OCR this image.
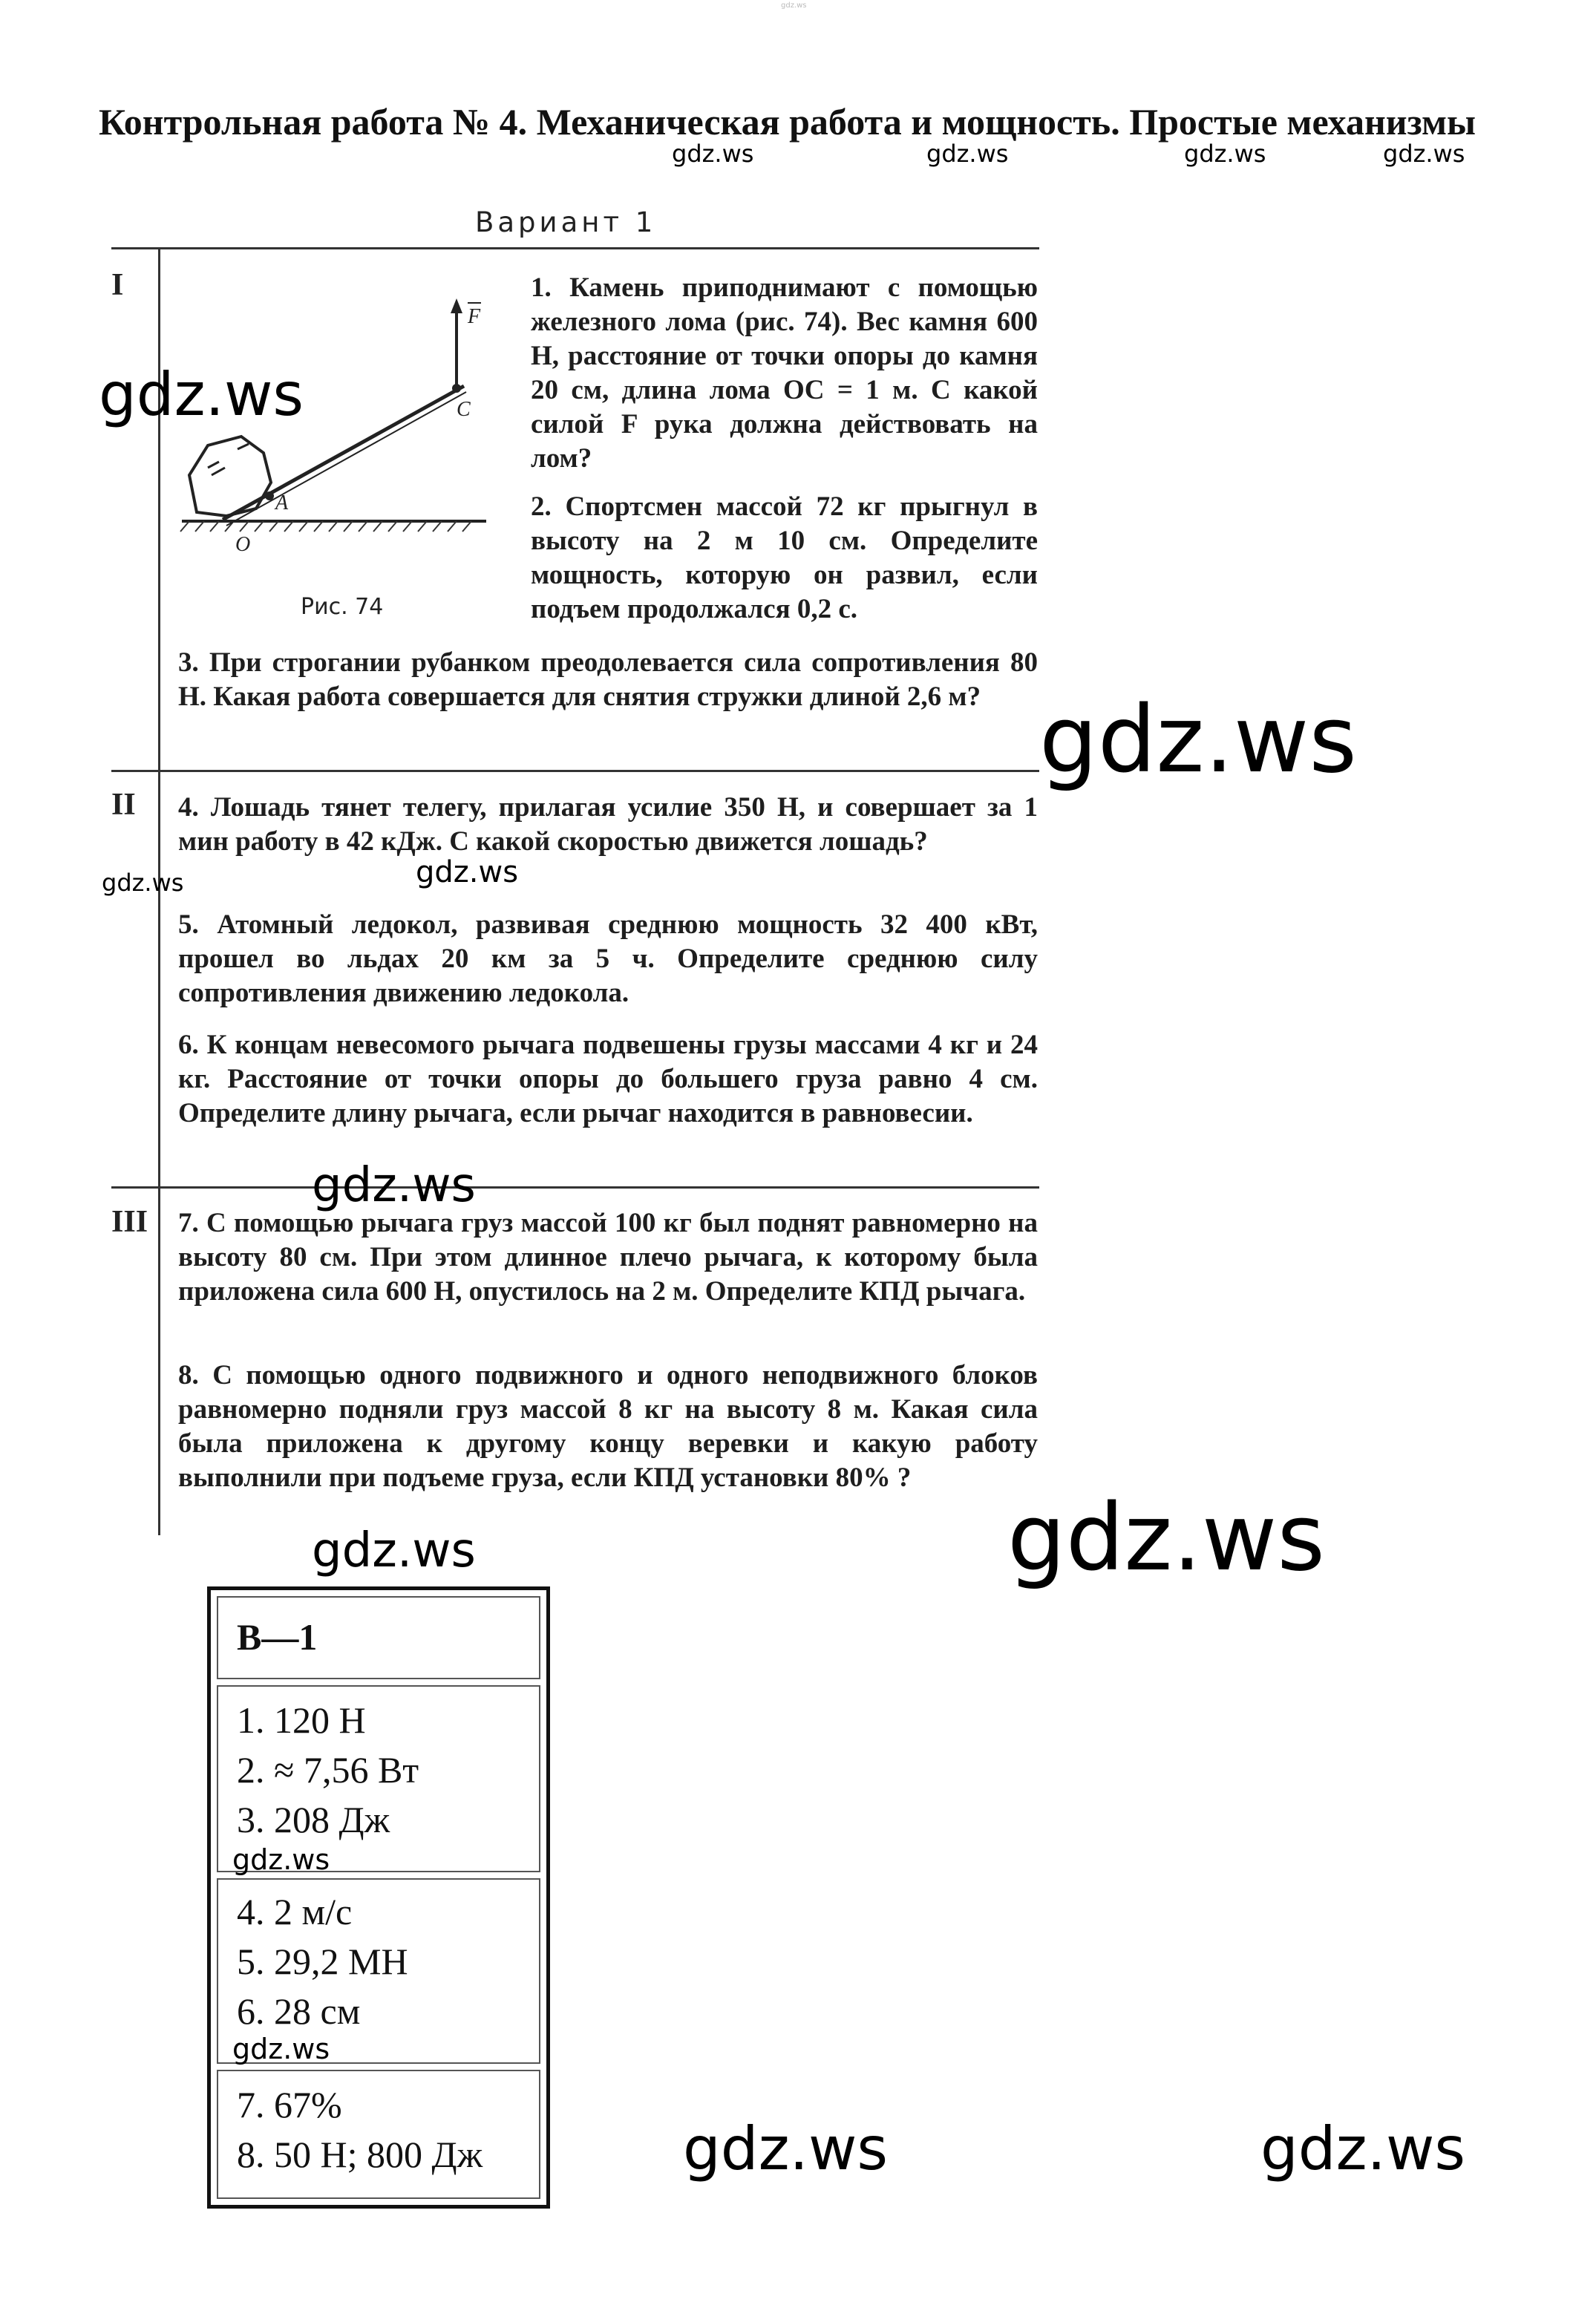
gdz.ws
Контрольная работа № 4. Механическая работа и мощность. Простые механизмы
gdz.ws	gdz.ws	gdz.ws	gdz.ws
Вариант 1
I
II
III
F
C
A
O
Рис. 74
1. Камень приподнимают с помощью железного лома (рис. 74). Вес камня 600 Н, расстояние от точки опоры до камня 20 см, длина лома OC = 1 м. С какой силой F рука должна действовать на лом?
2. Спортсмен массой 72 кг прыгнул в высоту на 2 м 10 см. Определите мощность, которую он развил, если подъем продолжался 0,2 с.
3. При строгании рубанком преодолевается сила сопротивления 80 Н. Какая работа совершается для снятия стружки длиной 2,6 м?
4. Лошадь тянет телегу, прилагая усилие 350 Н, и совершает за 1 мин работу в 42 кДж. С какой скоростью движется лошадь?
5. Атомный ледокол, развивая среднюю мощность 32 400 кВт, прошел во льдах 20 км за 5 ч. Определите среднюю силу сопротивления движению ледокола.
6. К концам невесомого рычага подвешены грузы массами 4 кг и 24 кг. Расстояние от точки опоры до большего груза равно 4 см. Определите длину рычага, если рычаг находится в равновесии.
7. С помощью рычага груз массой 100 кг был поднят равномерно на высоту 80 см. При этом длинное плечо рычага, к которому была приложена сила 600 Н, опустилось на 2 м. Определите КПД рычага.
8. С помощью одного подвижного и одного неподвижного блоков равномерно подняли груз массой 8 кг на высоту 8 м. Какая сила была приложена к другому концу веревки и какую работу выполнили при подъеме груза, если КПД установки 80% ?
В—1
1. 120 Н
2. ≈ 7,56 Вт
3. 208 Дж
4. 2 м/с
5. 29,2 МН
6. 28 см
7. 67%
8. 50 Н; 800 Дж
gdz.ws
gdz.ws
gdz.ws	gdz.ws
gdz.ws
gdz.ws
gdz.ws
gdz.ws
gdz.ws
gdz.ws	gdz.ws
